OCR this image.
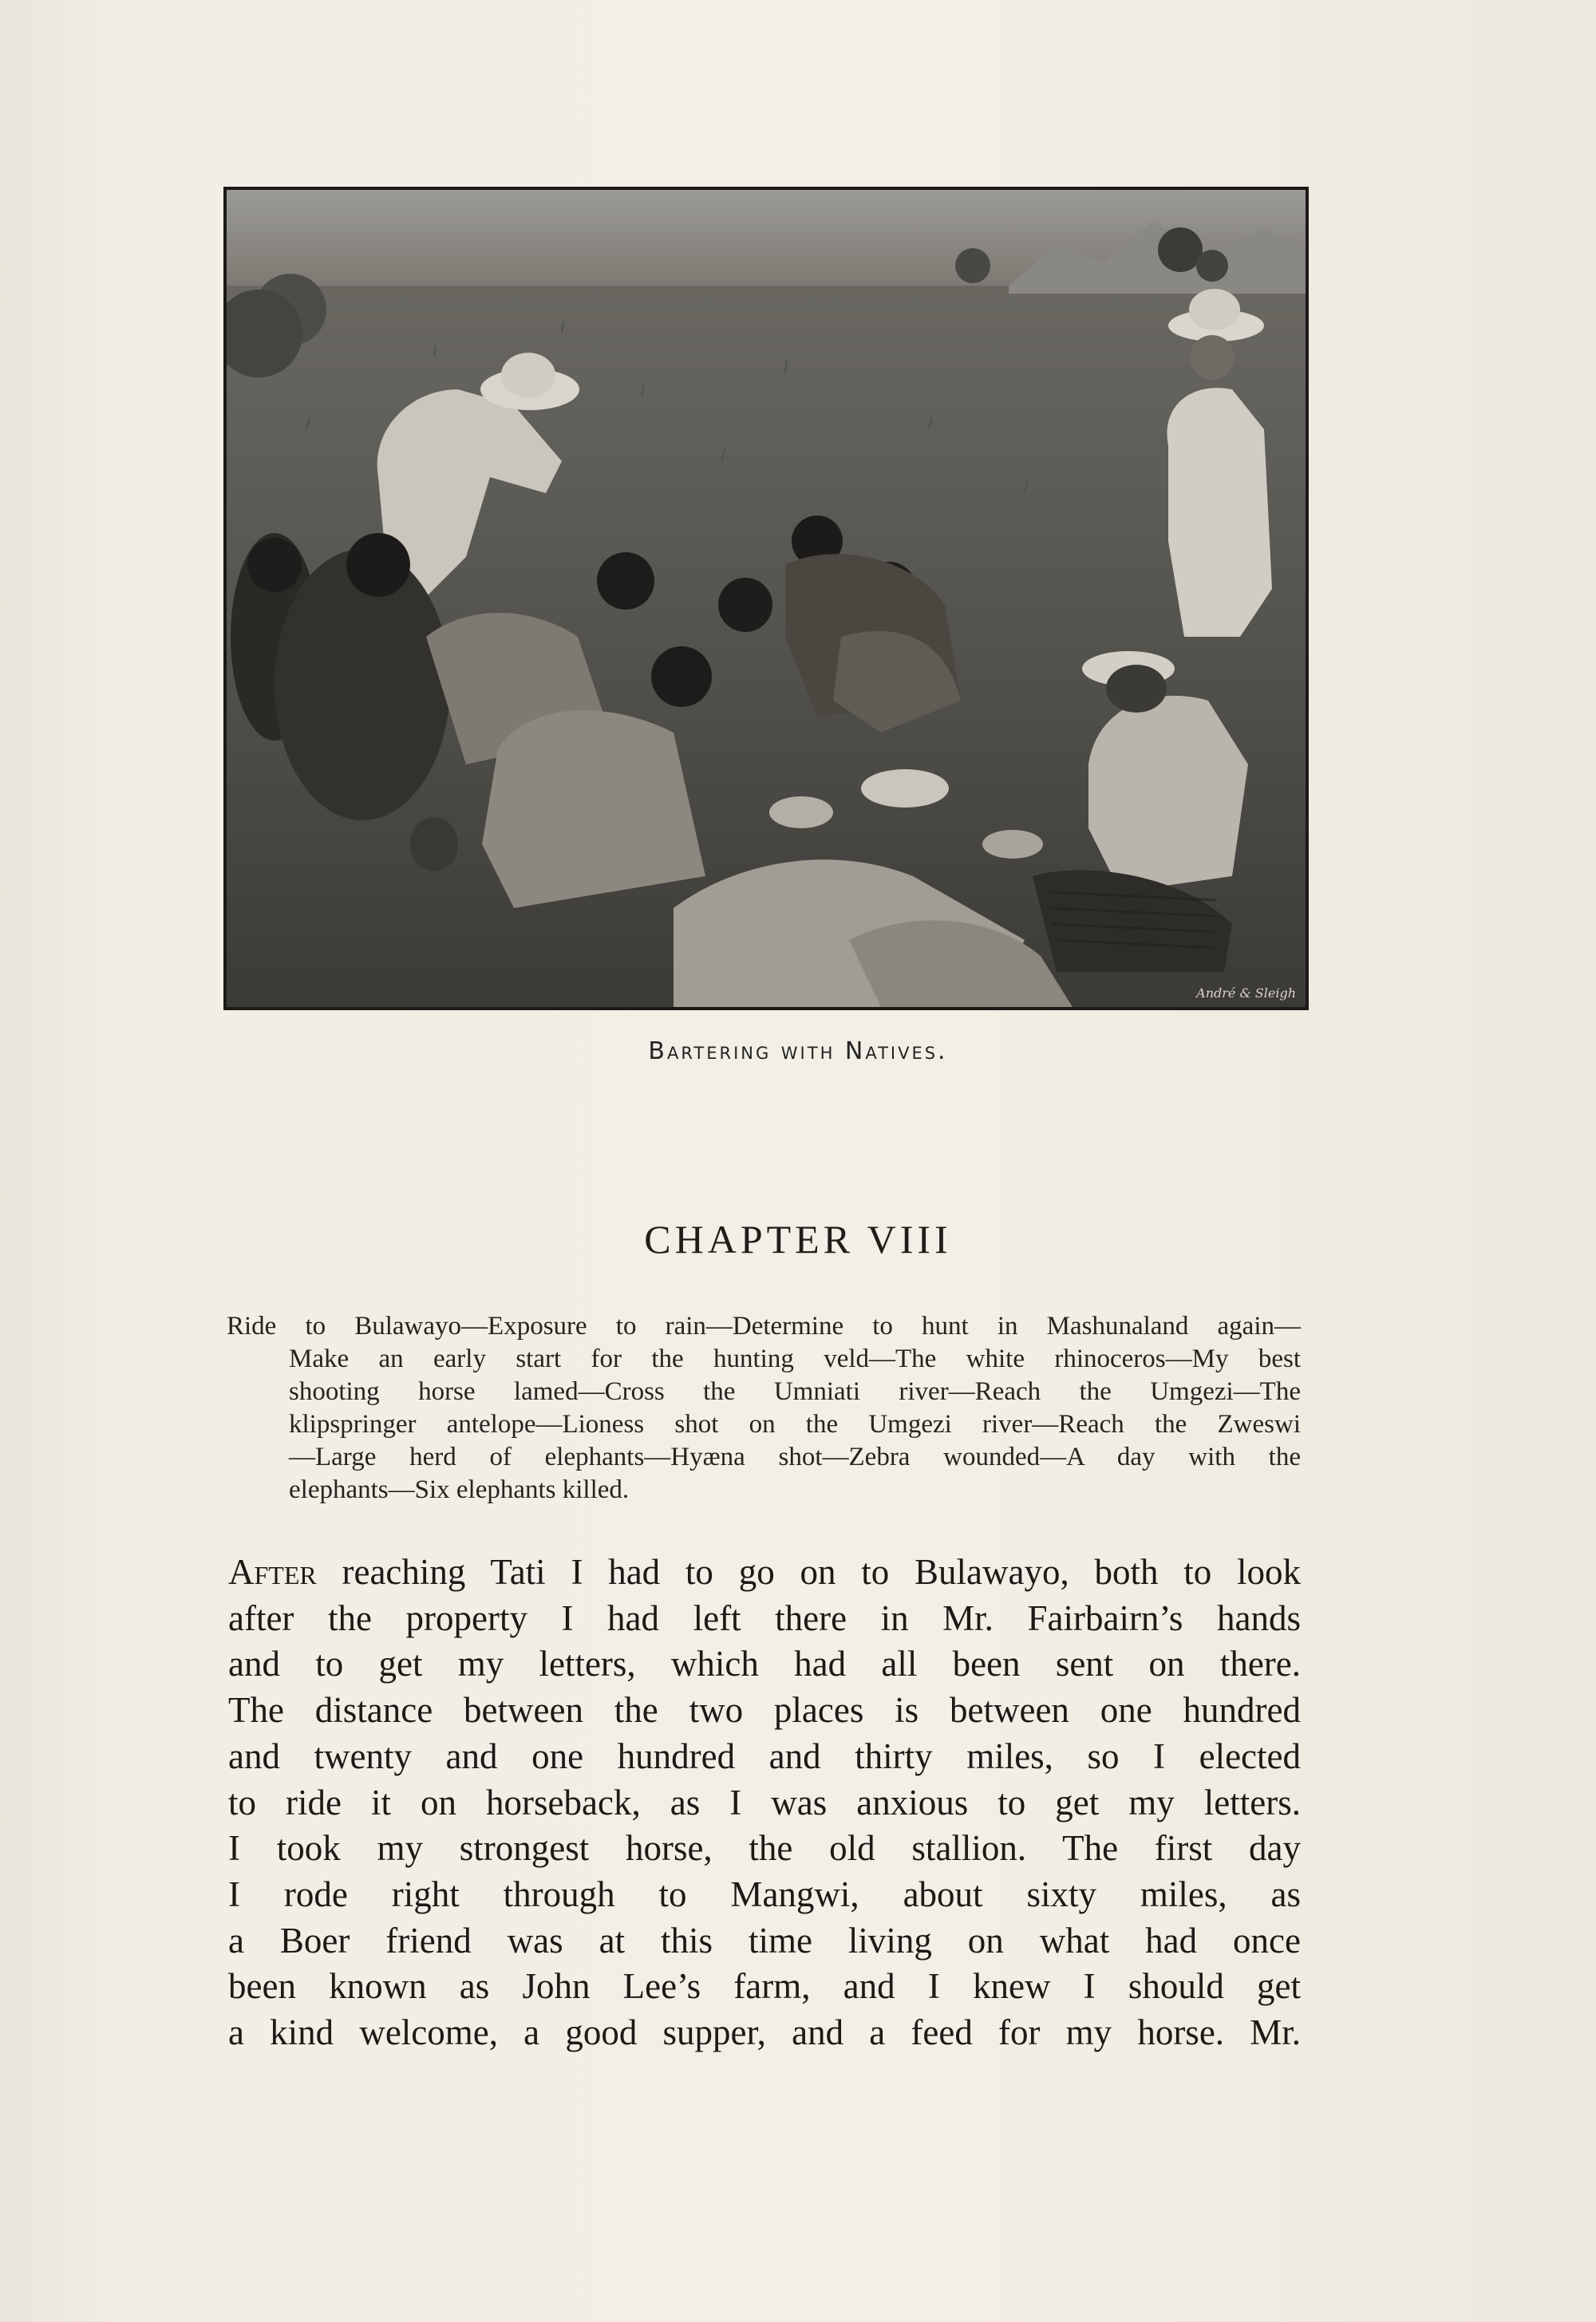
André & Sleigh
Bartering with Natives.
CHAPTER VIII
Ride to Bulawayo—Exposure to rain—Determine to hunt in Mashunaland again—
Make an early start for the hunting veld—The white rhinoceros—My best
shooting horse lamed—Cross the Umniati river—Reach the Umgezi—The
klipspringer antelope—Lioness shot on the Umgezi river—Reach the Zweswi
—Large herd of elephants—Hyæna shot—Zebra wounded—A day with the
elephants—Six elephants killed.
After reaching Tati I had to go on to Bulawayo, both to look
after the property I had left there in Mr. Fairbairn’s hands
and to get my letters, which had all been sent on there.
The distance between the two places is between one hundred
and twenty and one hundred and thirty miles, so I elected
to ride it on horseback, as I was anxious to get my letters.
I took my strongest horse, the old stallion. The first day
I rode right through to Mangwi, about sixty miles, as
a Boer friend was at this time living on what had once
been known as John Lee’s farm, and I knew I should get
a kind welcome, a good supper, and a feed for my horse. Mr.
